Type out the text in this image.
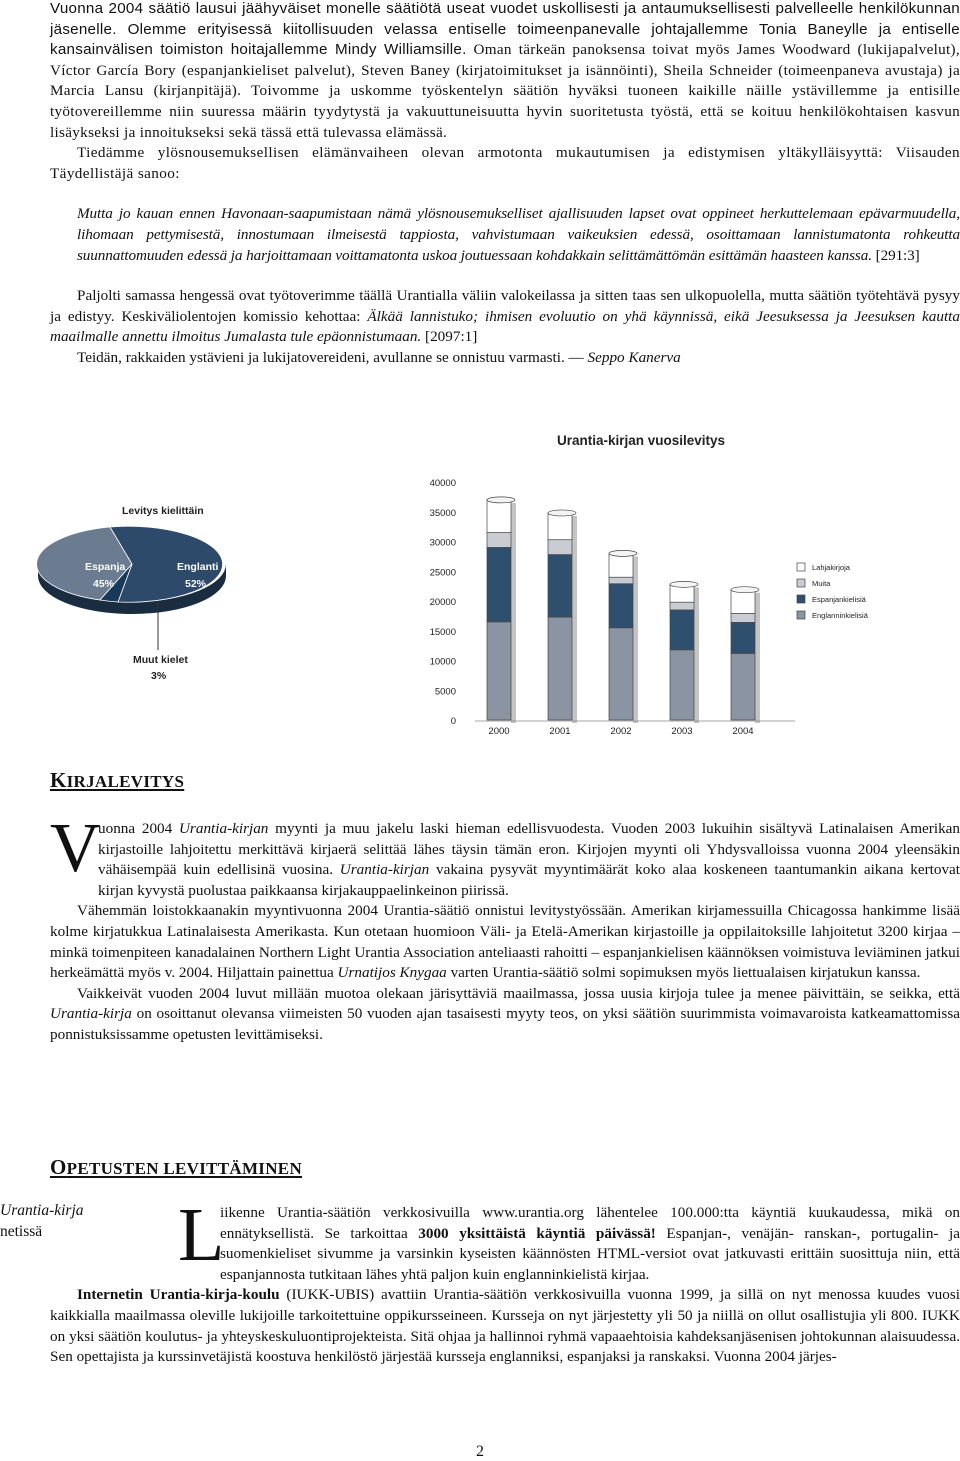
Vuonna 2004 säätiö lausui jäähyväiset monelle säätiötä useat vuodet uskollisesti ja antaumuksellisesti palvelleelle henkilökunnan jäsenelle. Olemme erityisessä kiitollisuuden velassa entiselle toimeenpanevalle johtajallemme Tonia Baneylle ja entiselle kansainvälisen toimiston hoitajallemme Mindy Williamsille. Oman tärkeän panoksensa toivat myös James Woodward (lukijapalvelut), Víctor García Bory (espanjankieliset palvelut), Steven Baney (kirjatoimitukset ja isännöinti), Sheila Schneider (toimeenpaneva avustaja) ja Marcia Lansu (kirjanpitäjä). Toivomme ja uskomme työskentelyn säätiön hyväksi tuoneen kaikille näille ystävillemme ja entisille työtovereillemme niin suuressa määrin tyydytystä ja vakuuttuneisuutta hyvin suoritetusta työstä, että se koituu henkilökohtaisen kasvun lisäykseksi ja innoitukseksi sekä tässä että tulevassa elämässä.

Tiedämme ylösnousemuksellisen elämänvaiheen olevan armotonta mukautumisen ja edistymisen yltäkylläisyyttä: Viisauden Täydellistäjä sanoo:

Mutta jo kauan ennen Havonaan-saapumistaan nämä ylösnousemukselliset ajallisuuden lapset ovat oppineet herkuttelemaan epävarmuudella, lihomaan pettymisestä, innostumaan ilmeisestä tappiosta, vahvistumaan vaikeuksien edessä, osoittamaan lannistumatonta rohkeutta suunnattomuuden edessä ja harjoittamaan voittamatonta uskoa joutuessaan kohdakkain selittämättömän esittämän haasteen kanssa. [291:3]

Paljolti samassa hengessä ovat työtoverimme täällä Urantialla väliin valokeilassa ja sitten taas sen ulkopuolella, mutta säätiön työtehtävä pysyy ja edistyy. Keskiväliolentojen komissio kehottaa: Älkää lannistuko; ihmisen evoluutio on yhä käynnissä, eikä Jeesuksessa ja Jeesuksen kautta maailmalle annettu ilmoitus Jumalasta tule epäonnistumaan. [2097:1]

Teidän, rakkaiden ystävieni ja lukijatovereideni, avullanne se onnistuu varmasti. — Seppo Kanerva

Levitys kielittäin
Espanja
45%
Englanti
52%
Muut kielet
3%
Urantia-kirjan vuosilevitys
0
5000
10000
15000
20000
25000
30000
35000
40000
2000	2001	2002	2003	2004
Lahjakirjoja
Muita
Espanjankielisiä
Englanninkielisiä
KIRJALEVITYS

V
uonna 2004 Urantia-kirjan myynti ja muu jakelu laski hieman edellisvuodesta. Vuoden 2003 lukuihin sisältyvä Latinalaisen Amerikan kirjastoille lahjoitettu merkittävä kirjaerä selittää lähes täysin tämän eron. Kirjojen myynti oli Yhdysvalloissa vuonna 2004 yleensäkin vähäisempää kuin edellisinä vuosina. Urantia-kirjan vakaina pysyvät myyntimäärät koko alaa koskeneen taantumankin aikana kertovat kirjan kyvystä puolustaa paikkaansa kirjakauppaelinkeinon piirissä.

Vähemmän loistokkaanakin myyntivuonna 2004 Urantia-säätiö onnistui levitystyössään. Amerikan kirjamessuilla Chicagossa hankimme lisää kolme kirjatukkua Latinalaisesta Amerikasta. Kun otetaan huomioon Väli- ja Etelä-Amerikan kirjastoille ja oppilaitoksille lahjoitetut 3200 kirjaa – minkä toimenpiteen kanadalainen Northern Light Urantia Association anteliaasti rahoitti – espanjankielisen käännöksen voimistuva leviäminen jatkui herkeämättä myös v. 2004. Hiljattain painettua Urnatijos Knygaa varten Urantia-säätiö solmi sopimuksen myös liettualaisen kirjatukun kanssa.

Vaikkeivät vuoden 2004 luvut millään muotoa olekaan järisyttäviä maailmassa, jossa uusia kirjoja tulee ja menee päivittäin, se seikka, että Urantia-kirja on osoittanut olevansa viimeisten 50 vuoden ajan tasaisesti myyty teos, on yksi säätiön suurimmista voimavaroista katkeamattomissa ponnistuksissamme opetusten levittämiseksi.

OPETUSTEN LEVITTÄMINEN
Urantia-kirja
netissä	L
iikenne Urantia-säätiön verkkosivuilla www.urantia.org lähentelee 100.000:tta käyntiä kuukaudessa, mikä on ennätyksellistä. Se tarkoittaa 3000 yksittäistä käyntiä päivässä! Espanjan-, venäjän- ranskan-, portugalin- ja suomenkieliset sivumme ja varsinkin kyseisten käännösten HTML-versiot ovat jatkuvasti erittäin suosittuja niin, että espanjannosta tutkitaan lähes yhtä paljon kuin englanninkielistä kirjaa.

Internetin Urantia-kirja-koulu (IUKK-UBIS) avattiin Urantia-säätiön verkkosivuilla vuonna 1999, ja sillä on nyt menossa kuudes vuosi kaikkialla maailmassa oleville lukijoille tarkoitettuine oppikursseineen. Kursseja on nyt järjestetty yli 50 ja niillä on ollut osallistujia yli 800. IUKK on yksi säätiön koulutus- ja yhteyskeskuluontiprojekteista. Sitä ohjaa ja hallinnoi ryhmä vapaaehtoisia kahdeksanjäsenisen johtokunnan alaisuudessa. Sen opettajista ja kurssinvetäjistä koostuva henkilöstö järjestää kursseja englanniksi, espanjaksi ja ranskaksi. Vuonna 2004 järjes-

2
